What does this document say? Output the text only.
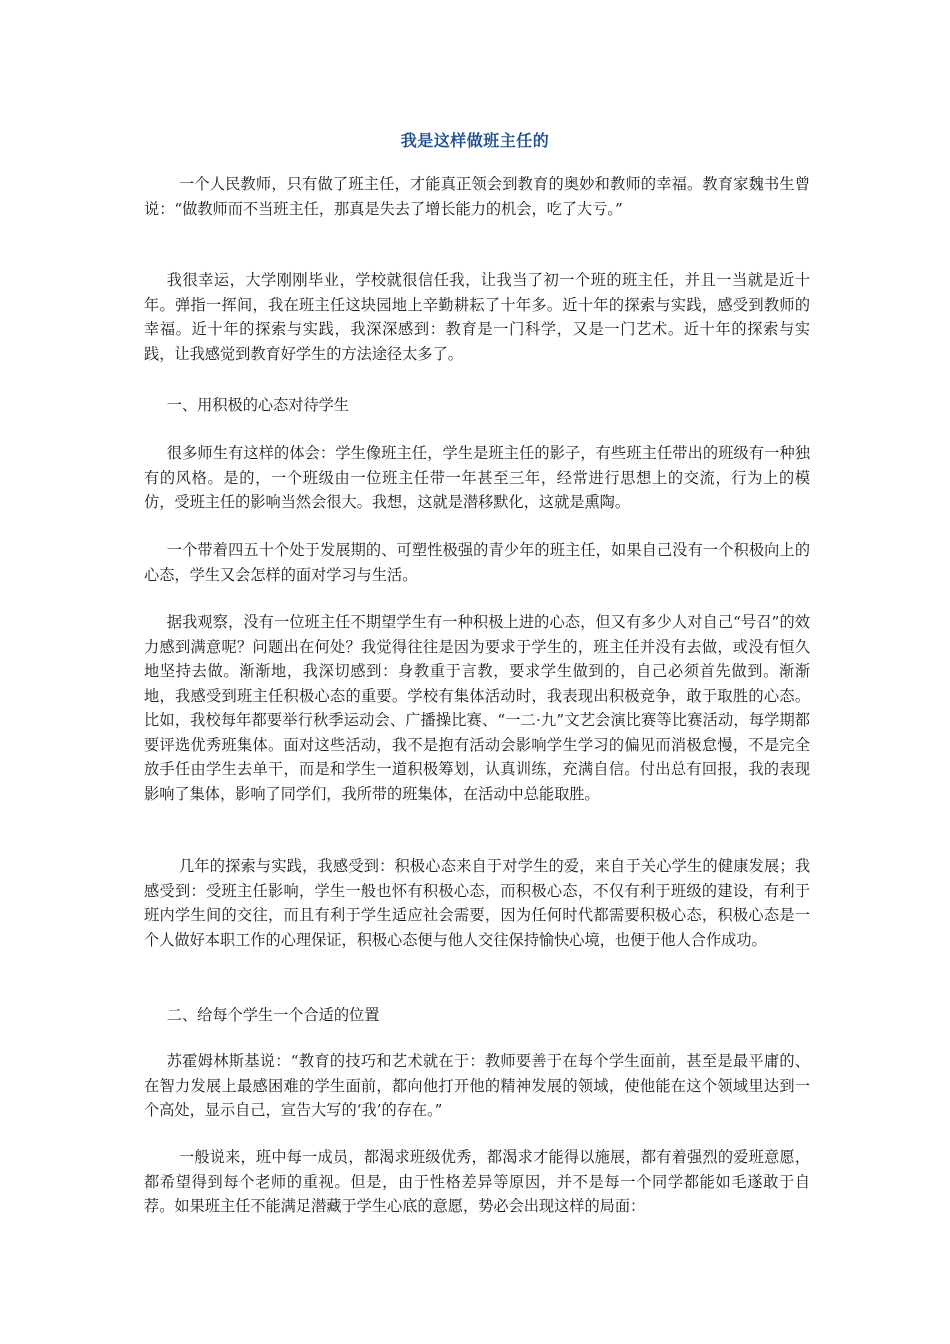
我是这样做班主任的

一个人民教师，只有做了班主任，才能真正领会到教育的奥妙和教师的幸福。教育家魏书生曾说：“做教师而不当班主任，那真是失去了增长能力的机会，吃了大亏。”

我很幸运，大学刚刚毕业，学校就很信任我，让我当了初一个班的班主任，并且一当就是近十年。弹指一挥间，我在班主任这块园地上辛勤耕耘了十年多。近十年的探索与实践，感受到教师的幸福。近十年的探索与实践，我深深感到：教育是一门科学，又是一门艺术。近十年的探索与实践，让我感觉到教育好学生的方法途径太多了。

一、用积极的心态对待学生

很多师生有这样的体会：学生像班主任，学生是班主任的影子，有些班主任带出的班级有一种独有的风格。是的，一个班级由一位班主任带一年甚至三年，经常进行思想上的交流，行为上的模仿，受班主任的影响当然会很大。我想，这就是潜移默化，这就是熏陶。

一个带着四五十个处于发展期的、可塑性极强的青少年的班主任，如果自己没有一个积极向上的心态，学生又会怎样的面对学习与生活。

据我观察，没有一位班主任不期望学生有一种积极上进的心态，但又有多少人对自己“号召”的效力感到满意呢？问题出在何处？我觉得往往是因为要求于学生的，班主任并没有去做，或没有恒久地坚持去做。渐渐地，我深切感到：身教重于言教，要求学生做到的，自己必须首先做到。渐渐地，我感受到班主任积极心态的重要。学校有集体活动时，我表现出积极竞争，敢于取胜的心态。比如，我校每年都要举行秋季运动会、广播操比赛、“一二·九”文艺会演比赛等比赛活动，每学期都要评选优秀班集体。面对这些活动，我不是抱有活动会影响学生学习的偏见而消极怠慢，不是完全放手任由学生去单干，而是和学生一道积极筹划，认真训练，充满自信。付出总有回报，我的表现影响了集体，影响了同学们，我所带的班集体，在活动中总能取胜。

几年的探索与实践，我感受到：积极心态来自于对学生的爱，来自于关心学生的健康发展；我感受到：受班主任影响，学生一般也怀有积极心态，而积极心态，不仅有利于班级的建设，有利于班内学生间的交往，而且有利于学生适应社会需要，因为任何时代都需要积极心态，积极心态是一个人做好本职工作的心理保证，积极心态便与他人交往保持愉快心境，也便于他人合作成功。

二、给每个学生一个合适的位置

苏霍姆林斯基说：“教育的技巧和艺术就在于：教师要善于在每个学生面前，甚至是最平庸的、在智力发展上最感困难的学生面前，都向他打开他的精神发展的领域，使他能在这个领域里达到一个高处，显示自己，宣告大写的‘我’的存在。”

一般说来，班中每一成员，都渴求班级优秀，都渴求才能得以施展，都有着强烈的爱班意愿，都希望得到每个老师的重视。但是，由于性格差异等原因，并不是每一个同学都能如毛遂敢于自荐。如果班主任不能满足潜藏于学生心底的意愿，势必会出现这样的局面：
